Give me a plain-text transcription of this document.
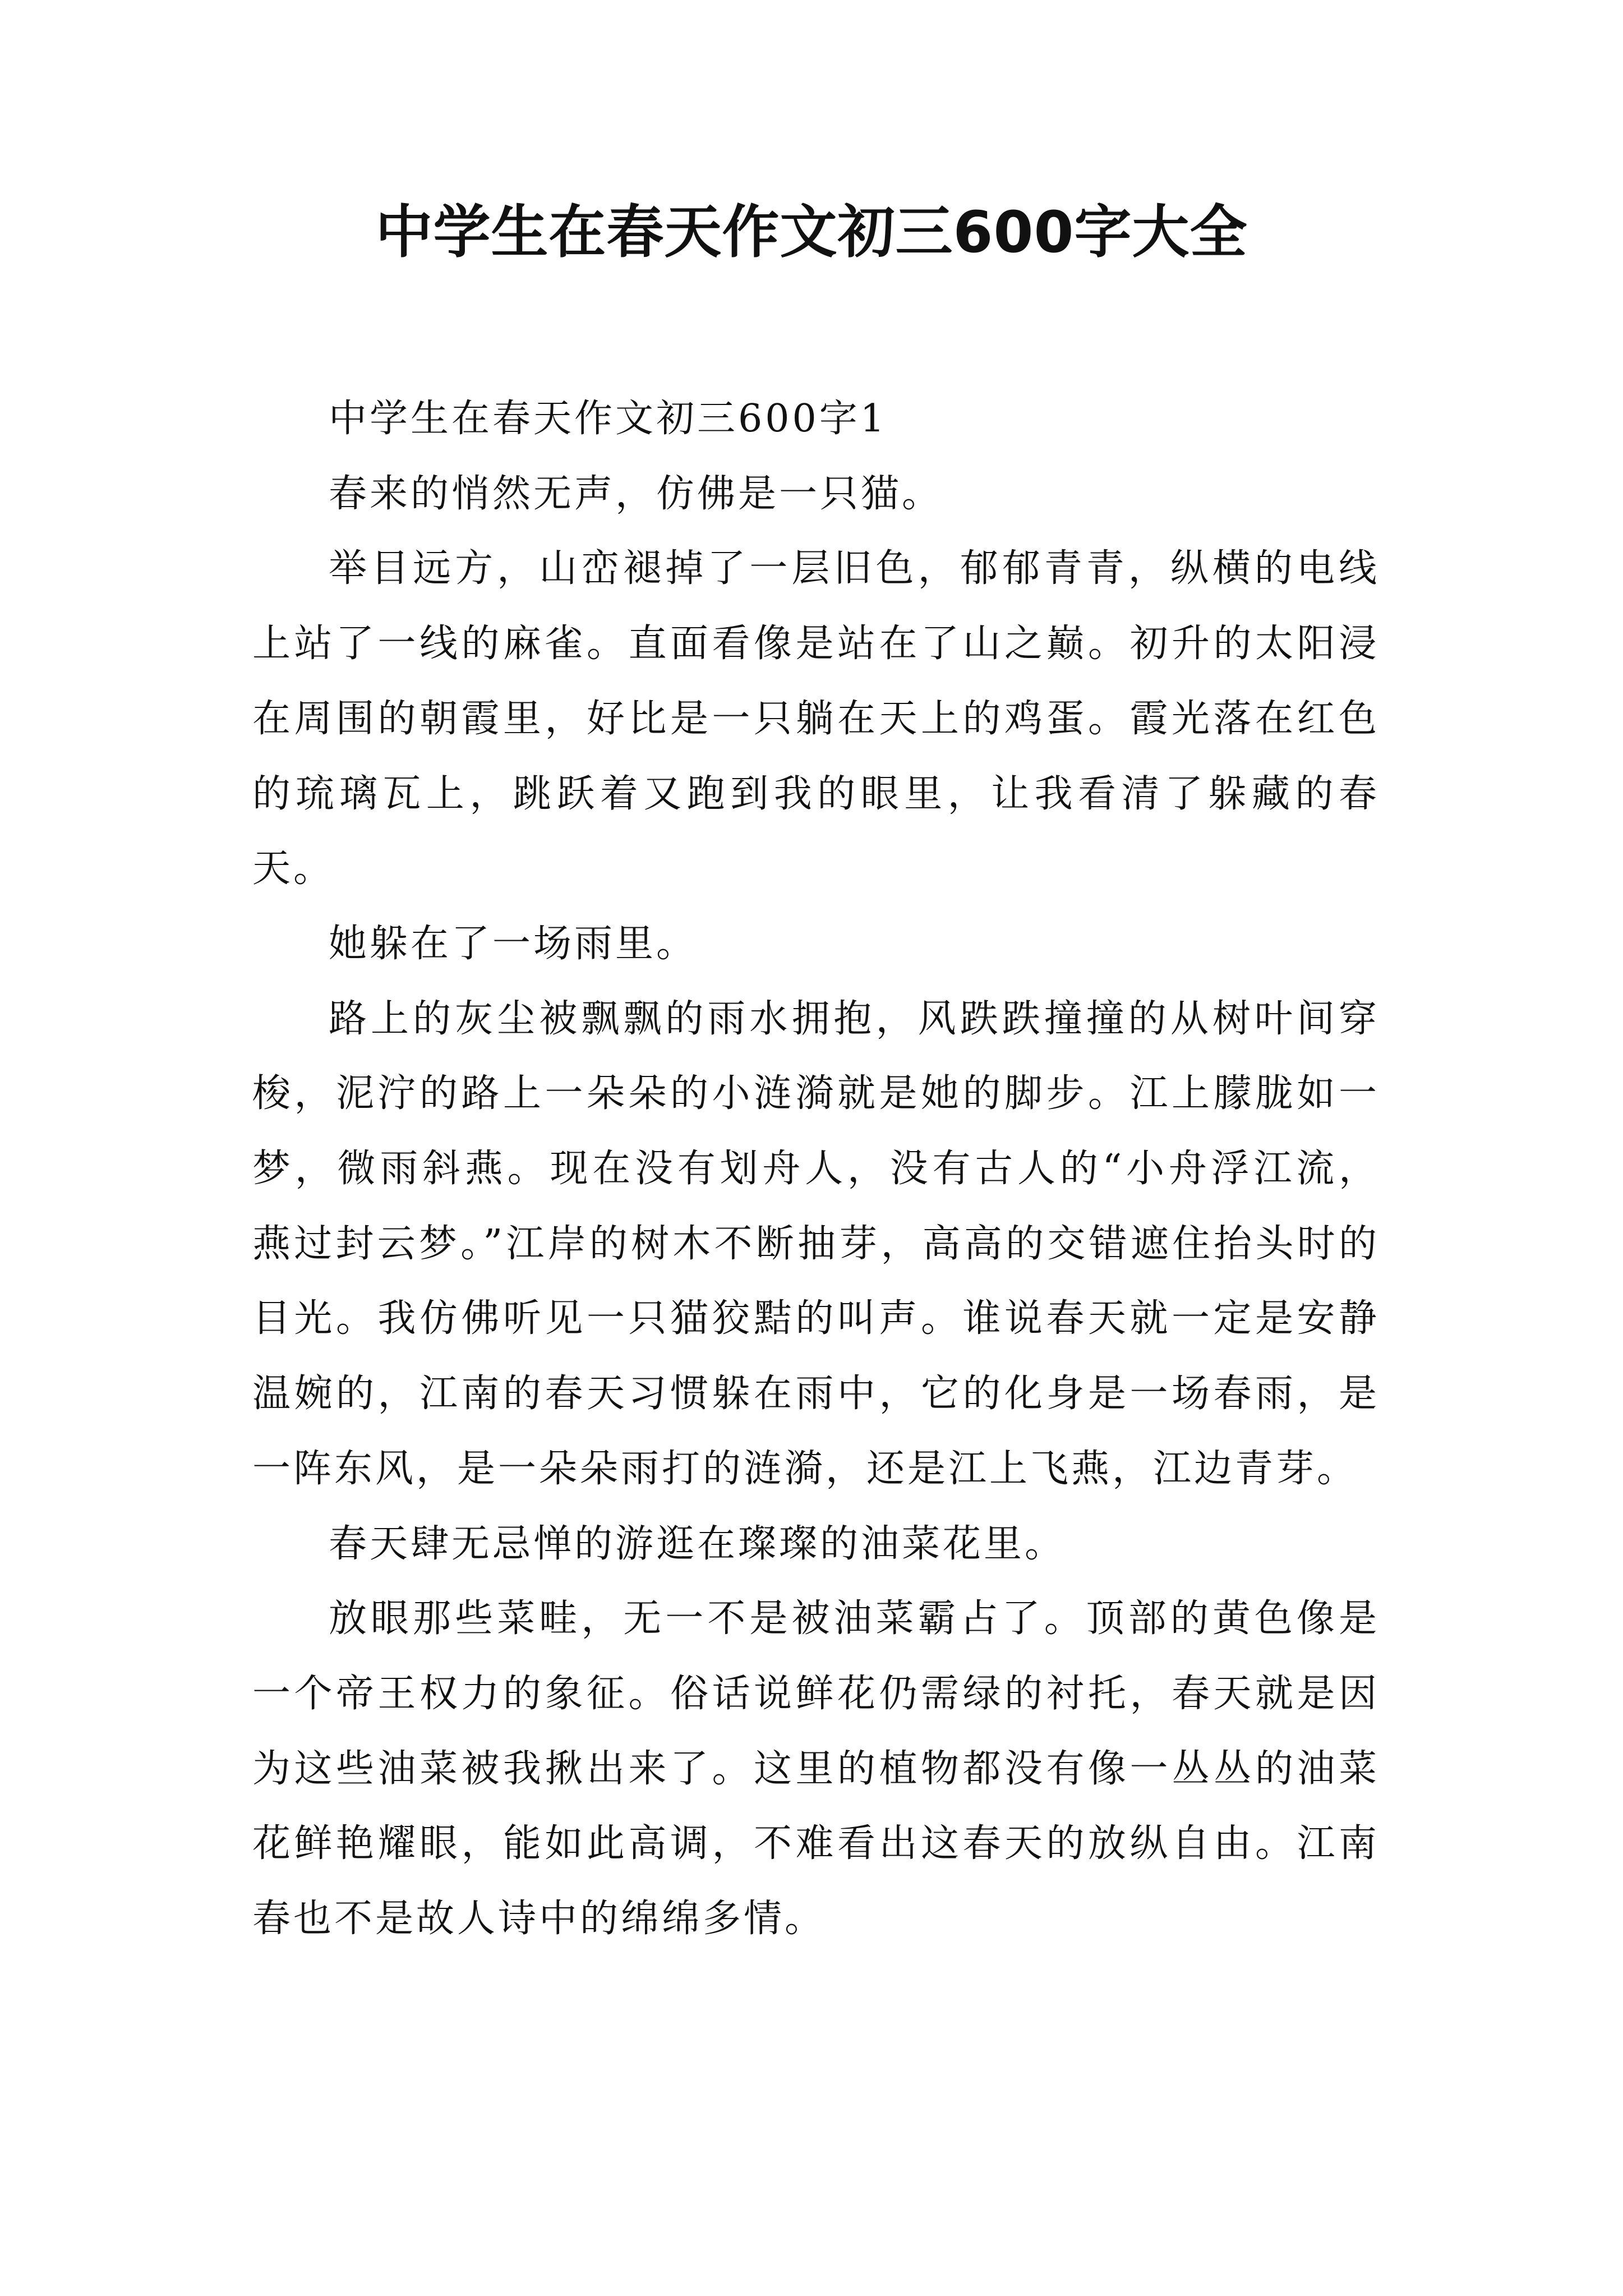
中学生在春天作文初三600字大全

中学生在春天作文初三600字1

春来的悄然无声，仿佛是一只猫。

举目远方，山峦褪掉了一层旧色，郁郁青青，纵横的电线上站了一线的麻雀。直面看像是站在了山之巅。初升的太阳浸在周围的朝霞里，好比是一只躺在天上的鸡蛋。霞光落在红色的琉璃瓦上，跳跃着又跑到我的眼里，让我看清了躲藏的春天。

她躲在了一场雨里。

路上的灰尘被飘飘的雨水拥抱，风跌跌撞撞的从树叶间穿梭，泥泞的路上一朵朵的小涟漪就是她的脚步。江上朦胧如一梦，微雨斜燕。现在没有划舟人，没有古人的“小舟浮江流，燕过封云梦。”江岸的树木不断抽芽，高高的交错遮住抬头时的目光。我仿佛听见一只猫狡黠的叫声。谁说春天就一定是安静温婉的，江南的春天习惯躲在雨中，它的化身是一场春雨，是一阵东风，是一朵朵雨打的涟漪，还是江上飞燕，江边青芽。

春天肆无忌惮的游逛在璨璨的油菜花里。

放眼那些菜畦，无一不是被油菜霸占了。顶部的黄色像是一个帝王权力的象征。俗话说鲜花仍需绿的衬托，春天就是因为这些油菜被我揪出来了。这里的植物都没有像一丛丛的油菜花鲜艳耀眼，能如此高调，不难看出这春天的放纵自由。江南春也不是故人诗中的绵绵多情。
